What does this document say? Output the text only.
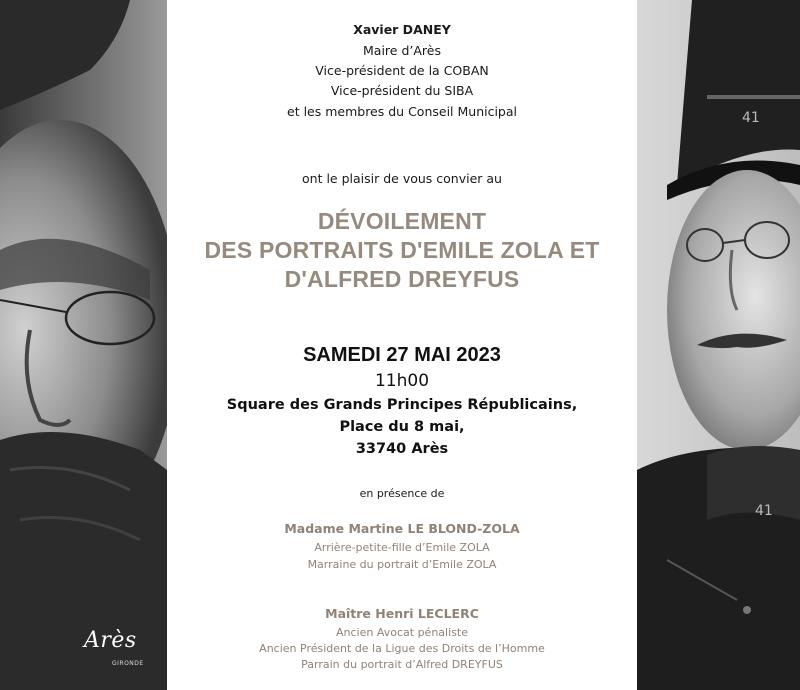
Arès
GIRONDE
41
41
Xavier DANEY
Maire d’Arès
Vice-président de la COBAN
Vice-président du SIBA
et les membres du Conseil Municipal
ont le plaisir de vous convier au
DÉVOILEMENT
DES PORTRAITS D'EMILE ZOLA ET
D'ALFRED DREYFUS
SAMEDI 27 MAI 2023
11h00
Square des Grands Principes Républicains,
Place du 8 mai,
33740 Arès
en présence de
Madame Martine LE BLOND-ZOLA
Arrière-petite-fille d’Emile ZOLA
Marraine du portrait d’Emile ZOLA
Maître Henri LECLERC
Ancien Avocat pénaliste
Ancien Président de la Ligue des Droits de l’Homme
Parrain du portrait d’Alfred DREYFUS
